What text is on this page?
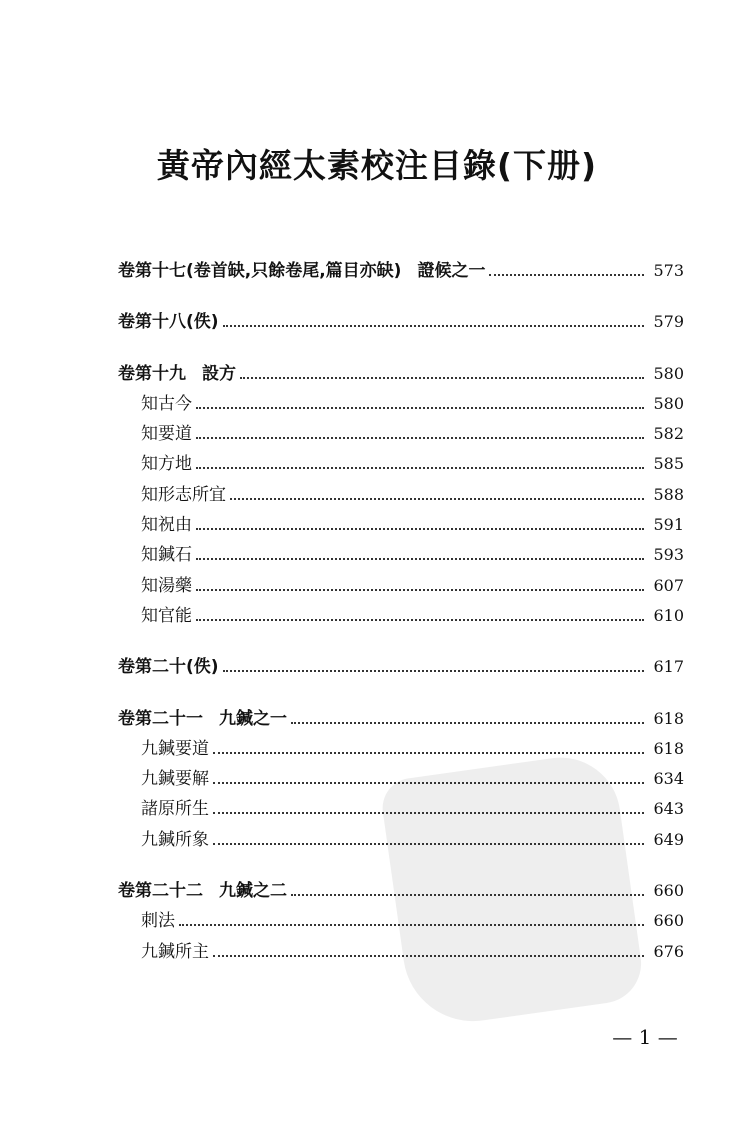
黃帝內經太素校注目錄(下册)
卷第十七(卷首缺,只餘卷尾,篇目亦缺) 證候之一	573
卷第十八(佚)	579
卷第十九 設方	580
知古今	580
知要道	582
知方地	585
知形志所宜	588
知祝由	591
知鍼石	593
知湯藥	607
知官能	610
卷第二十(佚)	617
卷第二十一 九鍼之一	618
九鍼要道	618
九鍼要解	634
諸原所生	643
九鍼所象	649
卷第二十二 九鍼之二	660
刺法	660
九鍼所主	676
— 1 —
